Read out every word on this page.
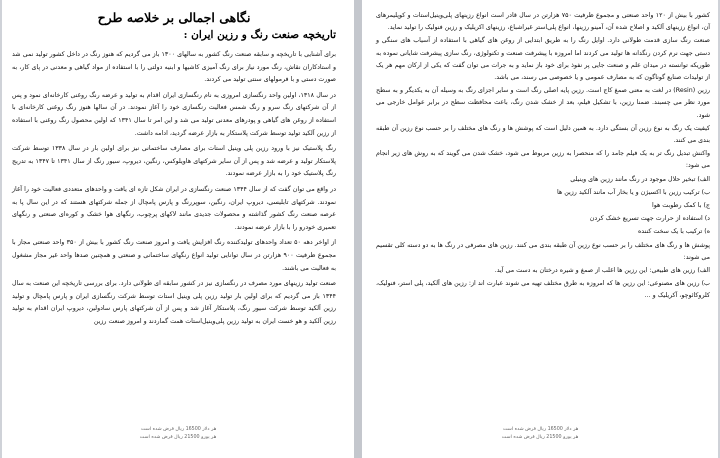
نگاهی اجمالی بر خلاصه طرح
تاریخچه صنعت رنگ و رزین ایران :

برای آشنایی با تاریخچه و سابقه صنعت رنگ کشور به سالهای ۱۳۰۰ باز می گردیم که هنوز رنگ در داخل کشور تولید نمی شد و استادکاران نقاش، رنگ مورد نیاز برای رنگ آمیزی کاشیها و ابنیه دولتی را با استفاده از مواد گیاهی و معدنی در پای کار، به صورت دستی و با فرمولهای سنتی تولید می کردند.

در سال ۱۳۱۸، اولین واحد رنگسازی امروزی به نام رنگسازی ایران اقدام به تولید و عرضه رنگ روغنی کارخانه‌ای نمود و پس از آن شرکتهای رنگ سرو و رنگ شمس فعالیت رنگسازی خود را آغاز نمودند. در آن سالها هنوز رنگ روغنی کارخانه‌ای با استفاده از روغن های گیاهی و پودرهای معدنی تولید می شد و این امر تا سال ۱۳۴۱ که اولین محصول رنگ روغنی با استفاده از رزین آلکید تولید توسط شرکت پلاستکار به بازار عرضه گردید، ادامه داشت.

رنگ پلاستیک نیز با ورود رزین پلی وینیل استات برای مصارف ساختمانی نیز برای اولین بار در سال ۱۳۳۸ توسط شرکت پلاستکار تولید و عرضه شد و پس از آن سایر شرکتهای هاویلوکس، رنگین، دیروپ، سیور رنگ از سال ۱۳۴۱ تا ۱۳۴۷ به تدریج رنگ پلاستیک خود را به بازار عرضه نمودند.

در واقع می توان گفت که از سال ۱۳۴۴ صنعت رنگسازی در ایران شکل تازه ای یافت و واحدهای متعددی فعالیت خود را آغاز نمودند. شرکتهای تابلیسی، دیروپ ایران، رنگین، سوپررنگ و پارس پامچال از جمله شرکتهای هستند که در این سال پا به عرصه صنعت رنگ کشور گذاشته و محصولات جدیدی مانند لاکهای پرچوب، رنگهای هوا خشک و کوره‌ای صنعتی و رنگهای تعمیری خودرو را با بازار عرضه نمودند.

از اواخر دهه ۵۰ تعداد واحدهای تولیدکننده رنگ افزایش یافت و امروز صنعت رنگ کشور با بیش از ۳۵۰ واحد صنعتی مجاز با مجموع ظرفیت ۹۰۰ هزارتن در سال توانایی تولید انواع رنگهای ساختمانی و صنعتی و همچنین صدها واحد غیر مجاز مشغول به فعالیت می باشند.

صنعت تولید رزینهای مورد مصرف در رنگسازی نیز در کشور سابقه ای طولانی دارد. برای بررسی تاریخچه این صنعت به سال ۱۳۴۴ باز می گردیم که برای اولین بار تولید رزین پلی وینیل استات توسط شرکت رنگسازی ایران و پارس پامچال و تولید رزین آلکید توسط شرکت سیور رنگ، پلاستکار آغاز شد و پس از آن شرکتهای پارس سادولین، دیروپ ایران اقدام به تولید رزین آلکید و هو خست ایران به تولید رزین پلی‌وینیل‌استات همت گماردند و امروز صنعت رزین

هر دلار 16500 ریال فرض شده است
هر یورو 21500 ریال فرض شده است

کشور با بیش از ۱۲۰ واحد صنعتی و مجموع ظرفیت ۷۵۰ هزارتن در سال قادر است انواع رزینهای پلی‌وینیل‌استات و کوپلیمرهای آن، انواع رزینهای آلکید و اصلاح شده آن، آمینو رزینها، انواع پلی‌استر غیراشباع، رزینهای اکریلیک و رزین فنولیک را تولید نماید.

صنعت رنگ سازی قدمت طولانی دارد. اوایل رنگ را به طریق ابتدایی از روغن های گیاهی با استفاده از آسیاب های سنگی و دستی جهت نرم کردن رنگدانه ها تولید می کردند اما امروزه با پیشرفت صنعت و تکنولوژی، رنگ سازی پیشرفت شایانی نموده به طوریکه توانسته در میدان علم و صنعت جایی پر نفوذ برای خود باز نماید و به جرات می توان گفت که یکی از ارکان مهم هر یک از تولیدات صنایع گوناگون که به مصارف عمومی و یا خصوصی می رسند، می باشد.

رزین (Resin) در لغت به معنی صمغ کاج است. رزین پایه اصلی رنگ است و سایر اجزای رنگ به وسیله آن به یکدیگر و به سطح مورد نظر می چسبند. ضمنا رزین، با تشکیل فیلم، بعد از خشک شدن رنگ، باعث محافظت سطح در برابر عوامل خارجی می شود.

کیفیت یک رنگ به نوع رزین آن بستگی دارد. به همین دلیل است که پوشش ها و رنگ های مختلف را بر حسب نوع رزین آن طبقه بندی می کنند.

واکنش تبدیل رنگ تر به یک فیلم جامد را که منحصرا به رزین مربوط می شود، خشک شدن می گویند که به روش های زیر انجام می شود:

الف) تبخیر حلال موجود در رنگ مانند رزین های وینیلی

ب) ترکیب رزین با اکسیژن و یا بخار آب مانند آلکید رزین ها

ج) با کمک رطوبت هوا

د) استفاده از حرارت جهت تسریع خشک کردن

ه) ترکیب با یک سخت کننده

پوشش ها و رنگ های مختلف را بر حسب نوع رزین آن طبقه بندی می کنند. رزین های مصرفی در رنگ ها به دو دسته کلی تقسیم می شوند:

الف) رزین های طبیعی: این رزین ها اغلب از صمغ و شیره درختان به دست می آید.

ب) رزین های مصنوعی: این رزین ها که امروزه به طرق مختلف تهیه می شوند عبارت اند از: رزین های آلکید، پلی استر، فنولیک، کلروکائوچو، آکریلیک و ...

هر دلار 16500 ریال فرض شده است
هر یورو 21500 ریال فرض شده است
